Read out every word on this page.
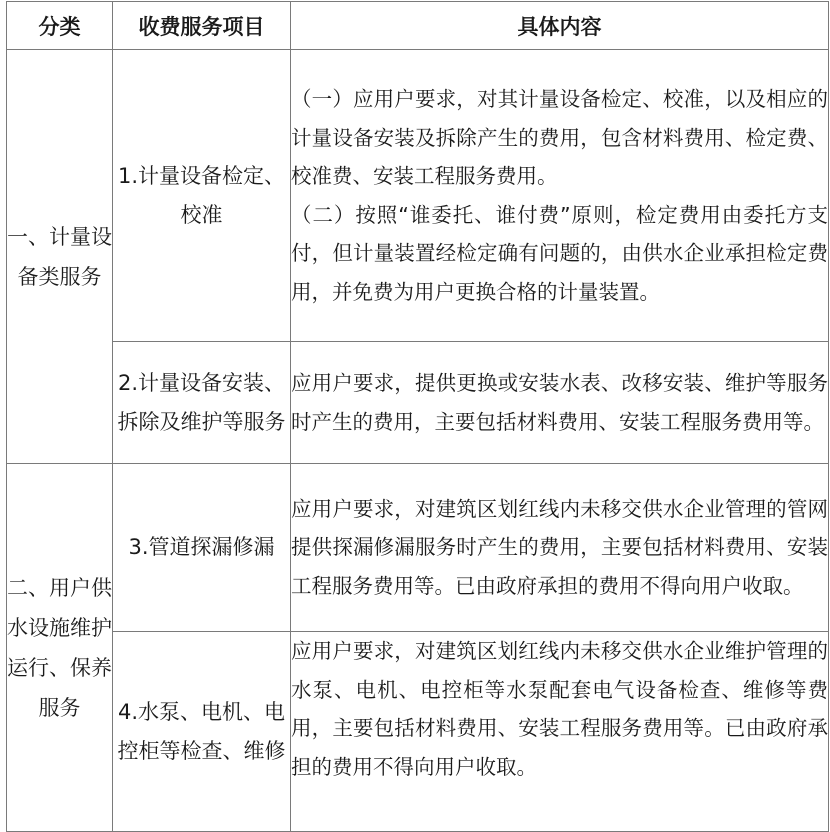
分类	收费服务项目	具体内容
一、计量设备类服务	1.计量设备检定、校准	（一）应用户要求，对其计量设备检定、校准，以及相应的计量设备安装及拆除产生的费用，包含材料费用、检定费、校准费、安装工程服务费用。

（二）按照“谁委托、谁付费”原则，检定费用由委托方支付，但计量装置经检定确有问题的，由供水企业承担检定费用，并免费为用户更换合格的计量装置。

	2.计量设备安装、拆除及维护等服务	应用户要求，提供更换或安装水表、改移安装、维护等服务时产生的费用，主要包括材料费用、安装工程服务费用等。

二、用户供水设施维护运行、保养服务	3.管道探漏修漏	应用户要求，对建筑区划红线内未移交供水企业管理的管网提供探漏修漏服务时产生的费用，主要包括材料费用、安装工程服务费用等。已由政府承担的费用不得向用户收取。

	4.水泵、电机、电控柜等检查、维修	应用户要求，对建筑区划红线内未移交供水企业维护管理的水泵、电机、电控柜等水泵配套电气设备检查、维修等费用，主要包括材料费用、安装工程服务费用等。已由政府承担的费用不得向用户收取。
